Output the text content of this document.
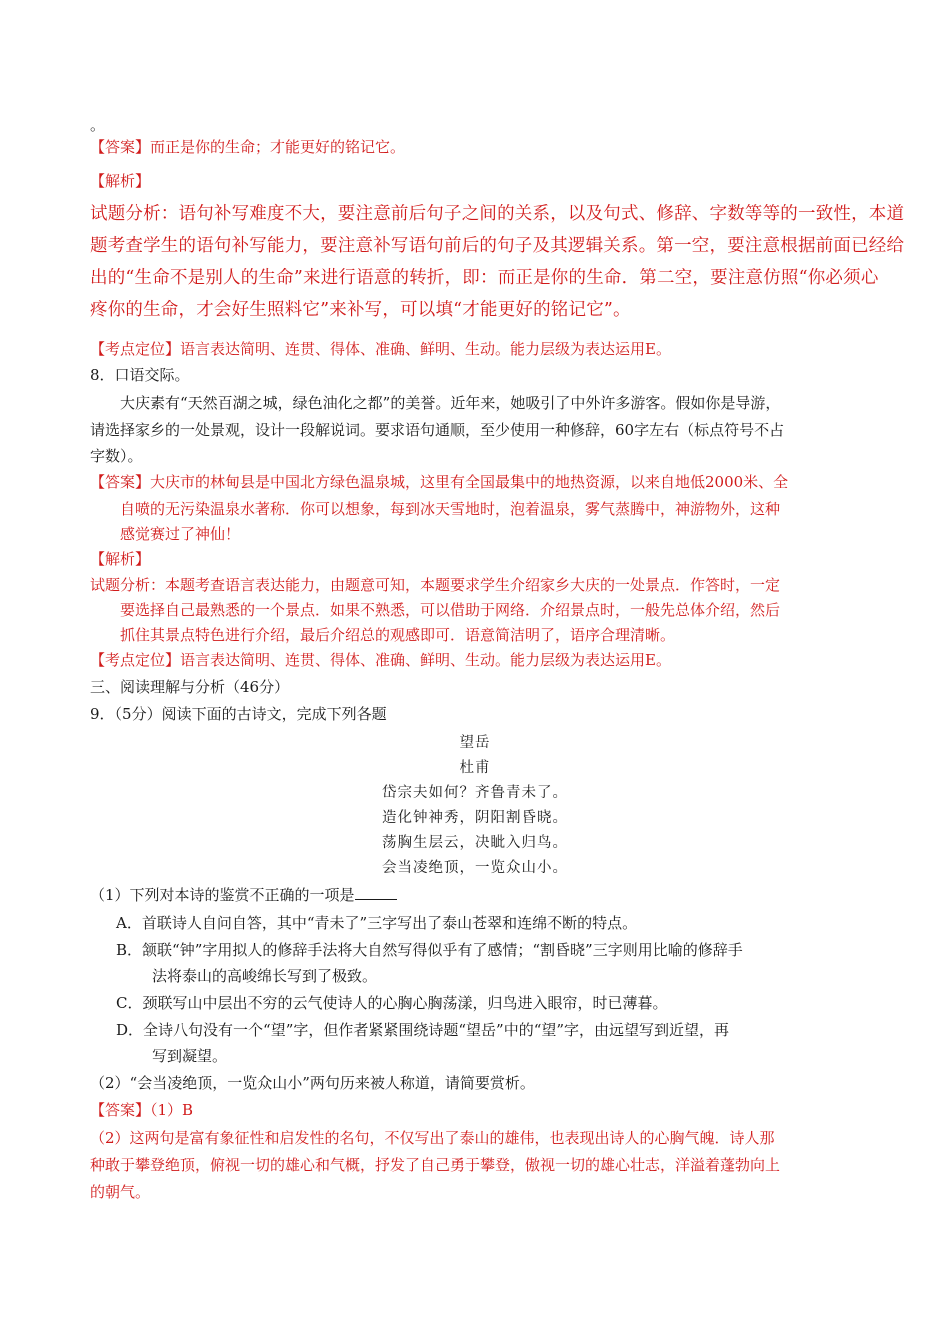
。
【答案】而正是你的生命；才能更好的铭记它。
【解析】
试题分析：语句补写难度不大，要注意前后句子之间的关系，以及句式、修辞、字数等等的一致性，本道
题考查学生的语句补写能力，要注意补写语句前后的句子及其逻辑关系。第一空，要注意根据前面已经给
出的“生命不是别人的生命”来进行语意的转折，即：而正是你的生命．第二空，要注意仿照“你必须心
疼你的生命，才会好生照料它”来补写，可以填“才能更好的铭记它”。
【考点定位】语言表达简明、连贯、得体、准确、鲜明、生动。能力层级为表达运用E。
8．口语交际。
大庆素有“天然百湖之城，绿色油化之都”的美誉。近年来，她吸引了中外许多游客。假如你是导游，
请选择家乡的一处景观，设计一段解说词。要求语句通顺，至少使用一种修辞，60字左右（标点符号不占
字数）。
【答案】大庆市的林甸县是中国北方绿色温泉城，这里有全国最集中的地热资源，以来自地低2000米、全
自喷的无污染温泉水著称．你可以想象，每到冰天雪地时，泡着温泉，雾气蒸腾中，神游物外，这种
感觉赛过了神仙！
【解析】
试题分析：本题考查语言表达能力，由题意可知，本题要求学生介绍家乡大庆的一处景点．作答时，一定
要选择自己最熟悉的一个景点．如果不熟悉，可以借助于网络．介绍景点时，一般先总体介绍，然后
抓住其景点特色进行介绍，最后介绍总的观感即可．语意简洁明了，语序合理清晰。
【考点定位】语言表达简明、连贯、得体、准确、鲜明、生动。能力层级为表达运用E。
三、阅读理解与分析（46分）
9．（5分）阅读下面的古诗文，完成下列各题
望岳
杜甫
岱宗夫如何？齐鲁青未了。
造化钟神秀，阴阳割昏晓。
荡胸生层云，决眦入归鸟。
会当凌绝顶，一览众山小。
（1）下列对本诗的鉴赏不正确的一项是
A．首联诗人自问自答，其中“青未了”三字写出了泰山苍翠和连绵不断的特点。
B．颔联“钟”字用拟人的修辞手法将大自然写得似乎有了感情；“割昏晓”三字则用比喻的修辞手
法将泰山的高峻绵长写到了极致。
C．颈联写山中层出不穷的云气使诗人的心胸心胸荡漾，归鸟进入眼帘，时已薄暮。
D．全诗八句没有一个“望”字，但作者紧紧围绕诗题“望岳”中的“望”字，由远望写到近望，再
写到凝望。
（2）“会当凌绝顶，一览众山小”两句历来被人称道，请简要赏析。
【答案】（1）B
（2）这两句是富有象征性和启发性的名句，不仅写出了泰山的雄伟，也表现出诗人的心胸气魄．诗人那
种敢于攀登绝顶，俯视一切的雄心和气概，抒发了自己勇于攀登，傲视一切的雄心壮志，洋溢着蓬勃向上
的朝气。
